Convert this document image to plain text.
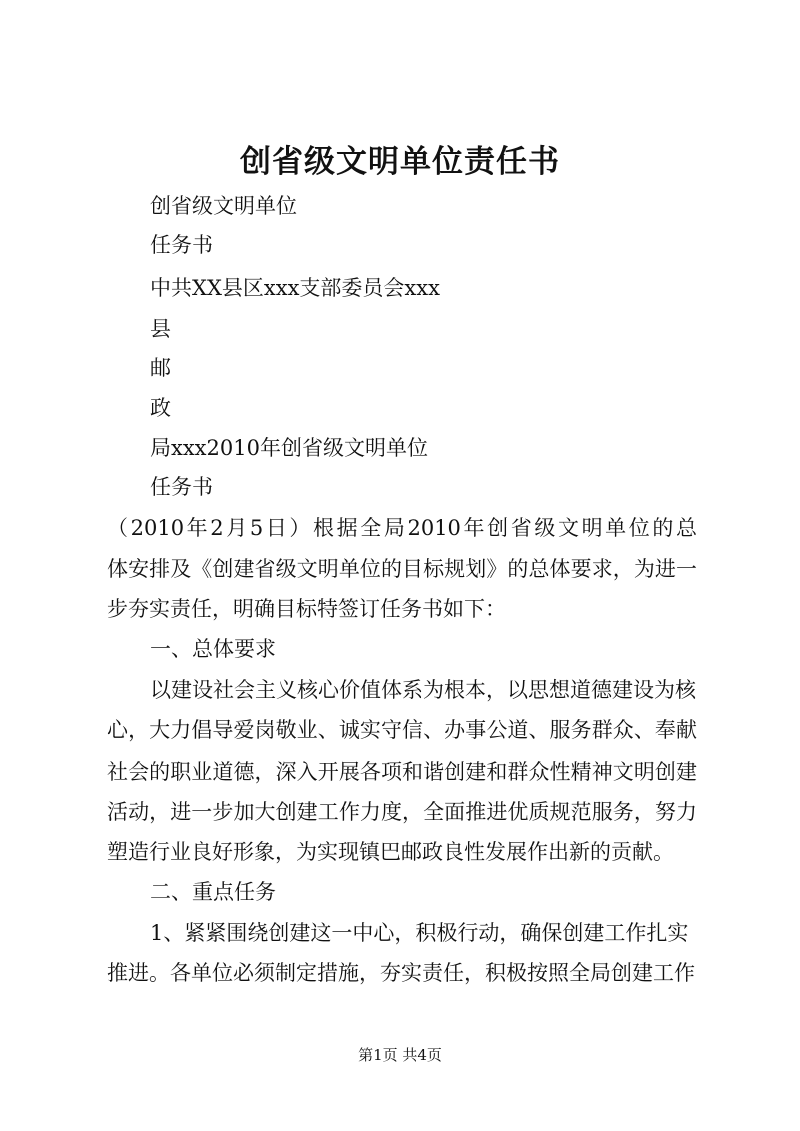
创省级文明单位责任书
创省级文明单位
任务书
中共XX县区xxx支部委员会xxx
县
邮
政
局xxx2010年创省级文明单位
任务书
（2010年2月5日）根据全局2010年创省级文明单位的总
体安排及《创建省级文明单位的目标规划》的总体要求，为进一
步夯实责任，明确目标特签订任务书如下：
一、总体要求
以建设社会主义核心价值体系为根本，以思想道德建设为核
心，大力倡导爱岗敬业、诚实守信、办事公道、服务群众、奉献
社会的职业道德，深入开展各项和谐创建和群众性精神文明创建
活动，进一步加大创建工作力度，全面推进优质规范服务，努力
塑造行业良好形象，为实现镇巴邮政良性发展作出新的贡献。
二、重点任务
1、紧紧围绕创建这一中心，积极行动，确保创建工作扎实
推进。各单位必须制定措施，夯实责任，积极按照全局创建工作
第1页 共4页
